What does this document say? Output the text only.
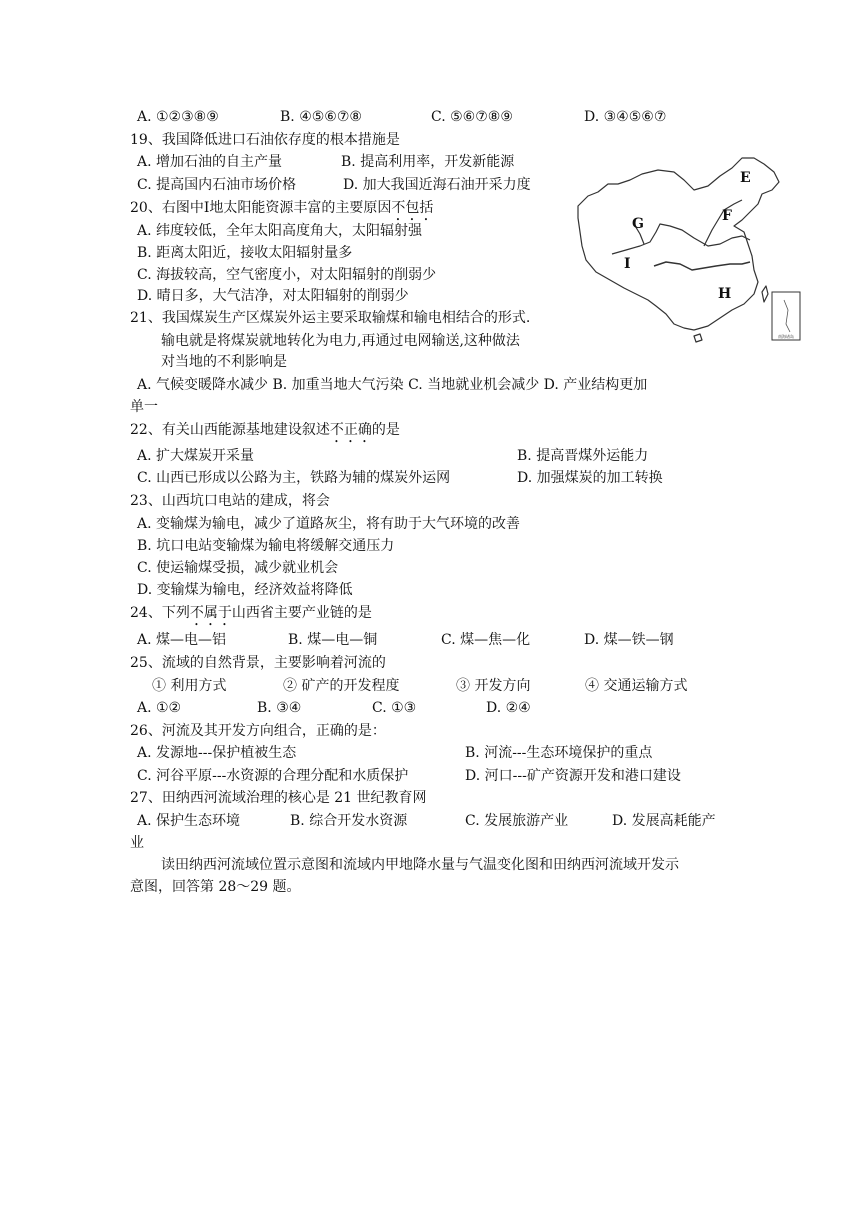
A. ①②③⑧⑨	B. ④⑤⑥⑦⑧	C. ⑤⑥⑦⑧⑨	D. ③④⑤⑥⑦
19、我国降低进口石油依存度的根本措施是
A. 增加石油的自主产量	B. 提高利用率，开发新能源
C. 提高国内石油市场价格	D. 加大我国近海石油开采力度
20、右图中Ⅰ地太阳能资源丰富的主要原因不包括
A. 纬度较低，全年太阳高度角大，太阳辐射强
B. 距离太阳近，接收太阳辐射量多
C. 海拔较高，空气密度小，对太阳辐射的削弱少
D. 晴日多，大气洁净，对太阳辐射的削弱少
21、我国煤炭生产区煤炭外运主要采取输煤和输电相结合的形式.
输电就是将煤炭就地转化为电力,再通过电网输送,这种做法
对当地的不利影响是
A. 气候变暖降水减少 B. 加重当地大气污染 C. 当地就业机会减少 D. 产业结构更加
单一
22、有关山西能源基地建设叙述不正确的是
A. 扩大煤炭开采量	B. 提高晋煤外运能力
C. 山西已形成以公路为主，铁路为辅的煤炭外运网	D. 加强煤炭的加工转换
23、山西坑口电站的建成，将会
A. 变输煤为输电，减少了道路灰尘，将有助于大气环境的改善
B. 坑口电站变输煤为输电将缓解交通压力
C. 使运输煤受损，减少就业机会
D. 变输煤为输电，经济效益将降低
24、下列不属于山西省主要产业链的是
A. 煤—电—铝	B. 煤—电—铜	C. 煤—焦—化	D. 煤—铁—钢
25、流域的自然背景，主要影响着河流的
① 利用方式	② 矿产的开发程度	③ 开发方向	④ 交通运输方式
A. ①②	B. ③④	C. ①③	D. ②④
26、河流及其开发方向组合，正确的是：
A. 发源地---保护植被生态	B. 河流---生态环境保护的重点
C. 河谷平原---水资源的合理分配和水质保护	D. 河口---矿产资源开发和港口建设
27、田纳西河流域治理的核心是 21 世纪教育网
A. 保护生态环境	B. 综合开发水资源	C. 发展旅游产业	D. 发展高耗能产
业
读田纳西河流域位置示意图和流域内甲地降水量与气温变化图和田纳西河流域开发示
意图，回答第 28～29 题。
南海诸岛
E
F
G
I
H
